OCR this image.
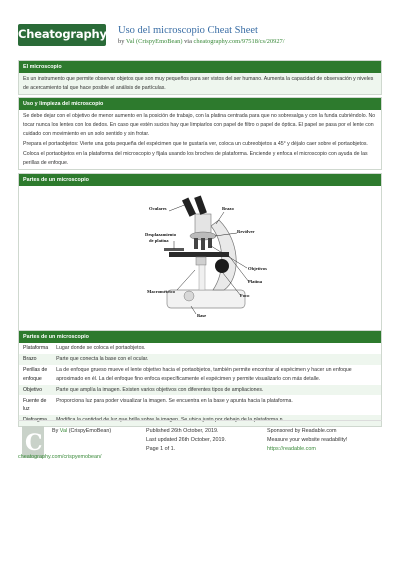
Cheatography Uso del microscopio Cheat Sheet
by Val (CrispyEmoBean) via cheatography.com/97518/cs/20927/
El microscopio
Es un instrumento que permite observar objetos que son muy pequeños para ser vistos del ser humano. Aumenta la capacidad de observación y niveles de acercamiento tal que hace posible el análisis de partículas.
Uso y limpieza del microscopio
Se debe dejar con el objetivo de menor aumento en la posición de trabajo, con la platina centrada para que no sobresalga y con la funda cubriéndolo. No tocar nunca los lentes con los dedos. En caso que estén sucios hay que limpiarlos con papel de filtro o papel de óptica. El papel se pasa por el lente con cuidado con movimiento en un solo sentido y sin frotar.
Prepara el portaobjetos: Vierte una gota pequeña del espécimen que te gustaría ver, coloca un cubreobjetos a 45° y déjalo caer sobre el portaobjetos. Coloca el portaobjetos en la plataforma del microscopio y fíjala usando los broches de plataforma. Enciende y enfoca el microscopio con ayuda de las perillas de enfoque.
Partes de un microscopio
Oculares	Brazo
Revólver
Desplazamiento
de platina
Objetivos
Platina
Macrométrico
Foco
Base
Partes de un microscopio
Plataforma	Lugar donde se coloca el portaobjetos.
Brazo	Parte que conecta la base con el ocular.
Perillas de enfoque	La de enfoque grueso mueve el lente objetivo hacia el portaobjetos, también permite encontrar al espécimen y hacer un enfoque aproximado en él. La del enfoque fino enfoca específicamente el espécimen y permite visualizarlo con más detalle.
Objetivo	Parte que amplía la imagen. Existen varios objetivos con diferentes tipos de ampliaciones.
Fuente de luz	Proporciona luz para poder visualizar la imagen. Se encuentra en la base y apunta hacia la plataforma.
Diafragma	Modifica la cantidad de luz que brilla sobre la imagen. Se ubica justo por debajo de la plataforma n
C By Val (CrispyEmoBean)	Published 26th October, 2019.
Last updated 26th October, 2019.
Page 1 of 1.
Sponsored by Readable.com
Measure your website readability!
https://readable.com
cheatography.com/crispyemobean/
